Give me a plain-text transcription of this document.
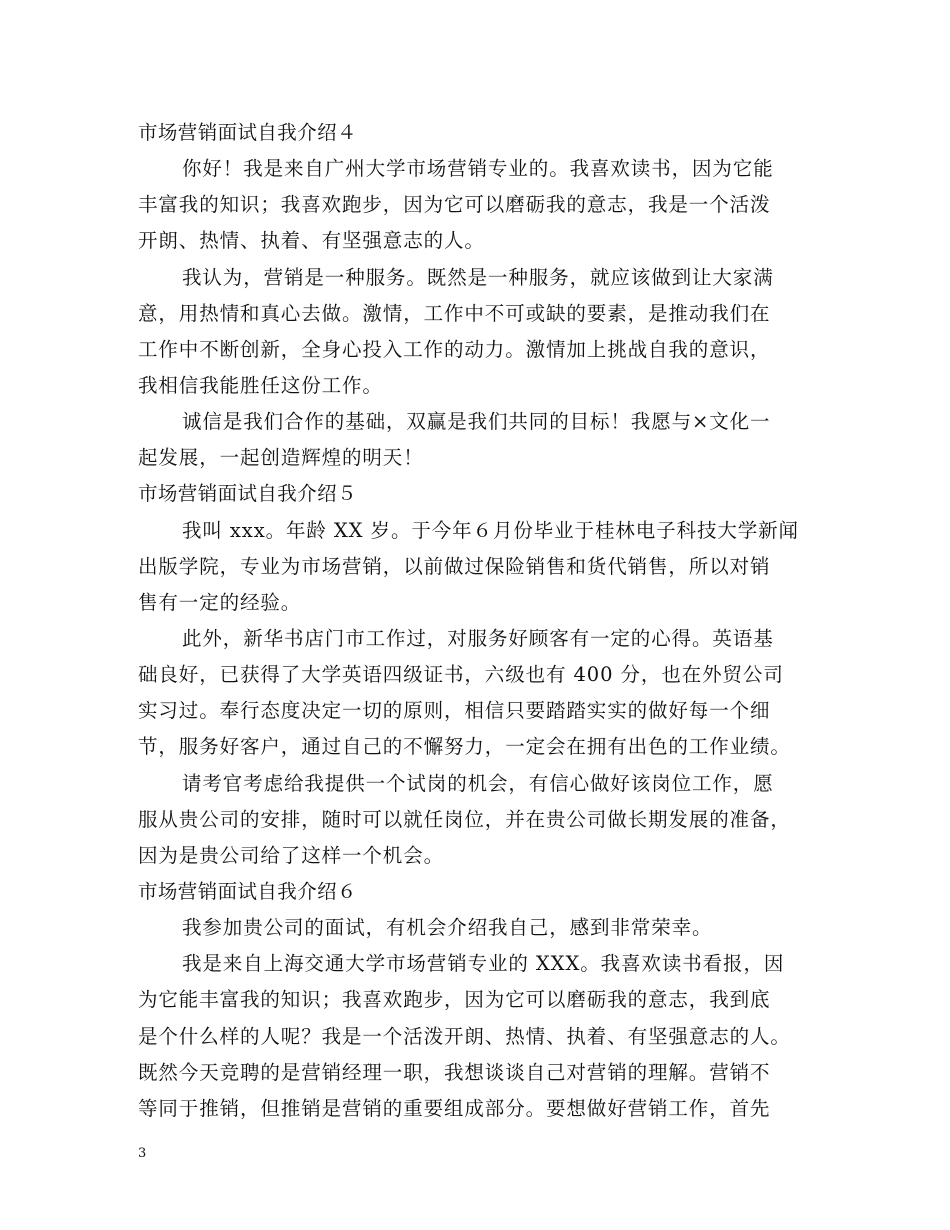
市场营销面试自我介绍４
你好！我是来自广州大学市场营销专业的。我喜欢读书，因为它能
丰富我的知识；我喜欢跑步，因为它可以磨砺我的意志，我是一个活泼
开朗、热情、执着、有坚强意志的人。
我认为，营销是一种服务。既然是一种服务，就应该做到让大家满
意，用热情和真心去做。激情，工作中不可或缺的要素，是推动我们在
工作中不断创新，全身心投入工作的动力。激情加上挑战自我的意识，
我相信我能胜任这份工作。
诚信是我们合作的基础，双赢是我们共同的目标！我愿与×文化一
起发展，一起创造辉煌的明天！
市场营销面试自我介绍５
我叫 xxx。年龄 XX 岁。于今年６月份毕业于桂林电子科技大学新闻
出版学院，专业为市场营销，以前做过保险销售和货代销售，所以对销
售有一定的经验。
此外，新华书店门市工作过，对服务好顾客有一定的心得。英语基
础良好，已获得了大学英语四级证书，六级也有 400 分，也在外贸公司
实习过。奉行态度决定一切的原则，相信只要踏踏实实的做好每一个细
节，服务好客户，通过自己的不懈努力，一定会在拥有出色的工作业绩。
请考官考虑给我提供一个试岗的机会，有信心做好该岗位工作，愿
服从贵公司的安排，随时可以就任岗位，并在贵公司做长期发展的准备，
因为是贵公司给了这样一个机会。
市场营销面试自我介绍６
我参加贵公司的面试，有机会介绍我自己，感到非常荣幸。
我是来自上海交通大学市场营销专业的 XXX。我喜欢读书看报，因
为它能丰富我的知识；我喜欢跑步，因为它可以磨砺我的意志，我到底
是个什么样的人呢？我是一个活泼开朗、热情、执着、有坚强意志的人。
既然今天竞聘的是营销经理一职，我想谈谈自己对营销的理解。营销不
等同于推销，但推销是营销的重要组成部分。要想做好营销工作，首先
3
